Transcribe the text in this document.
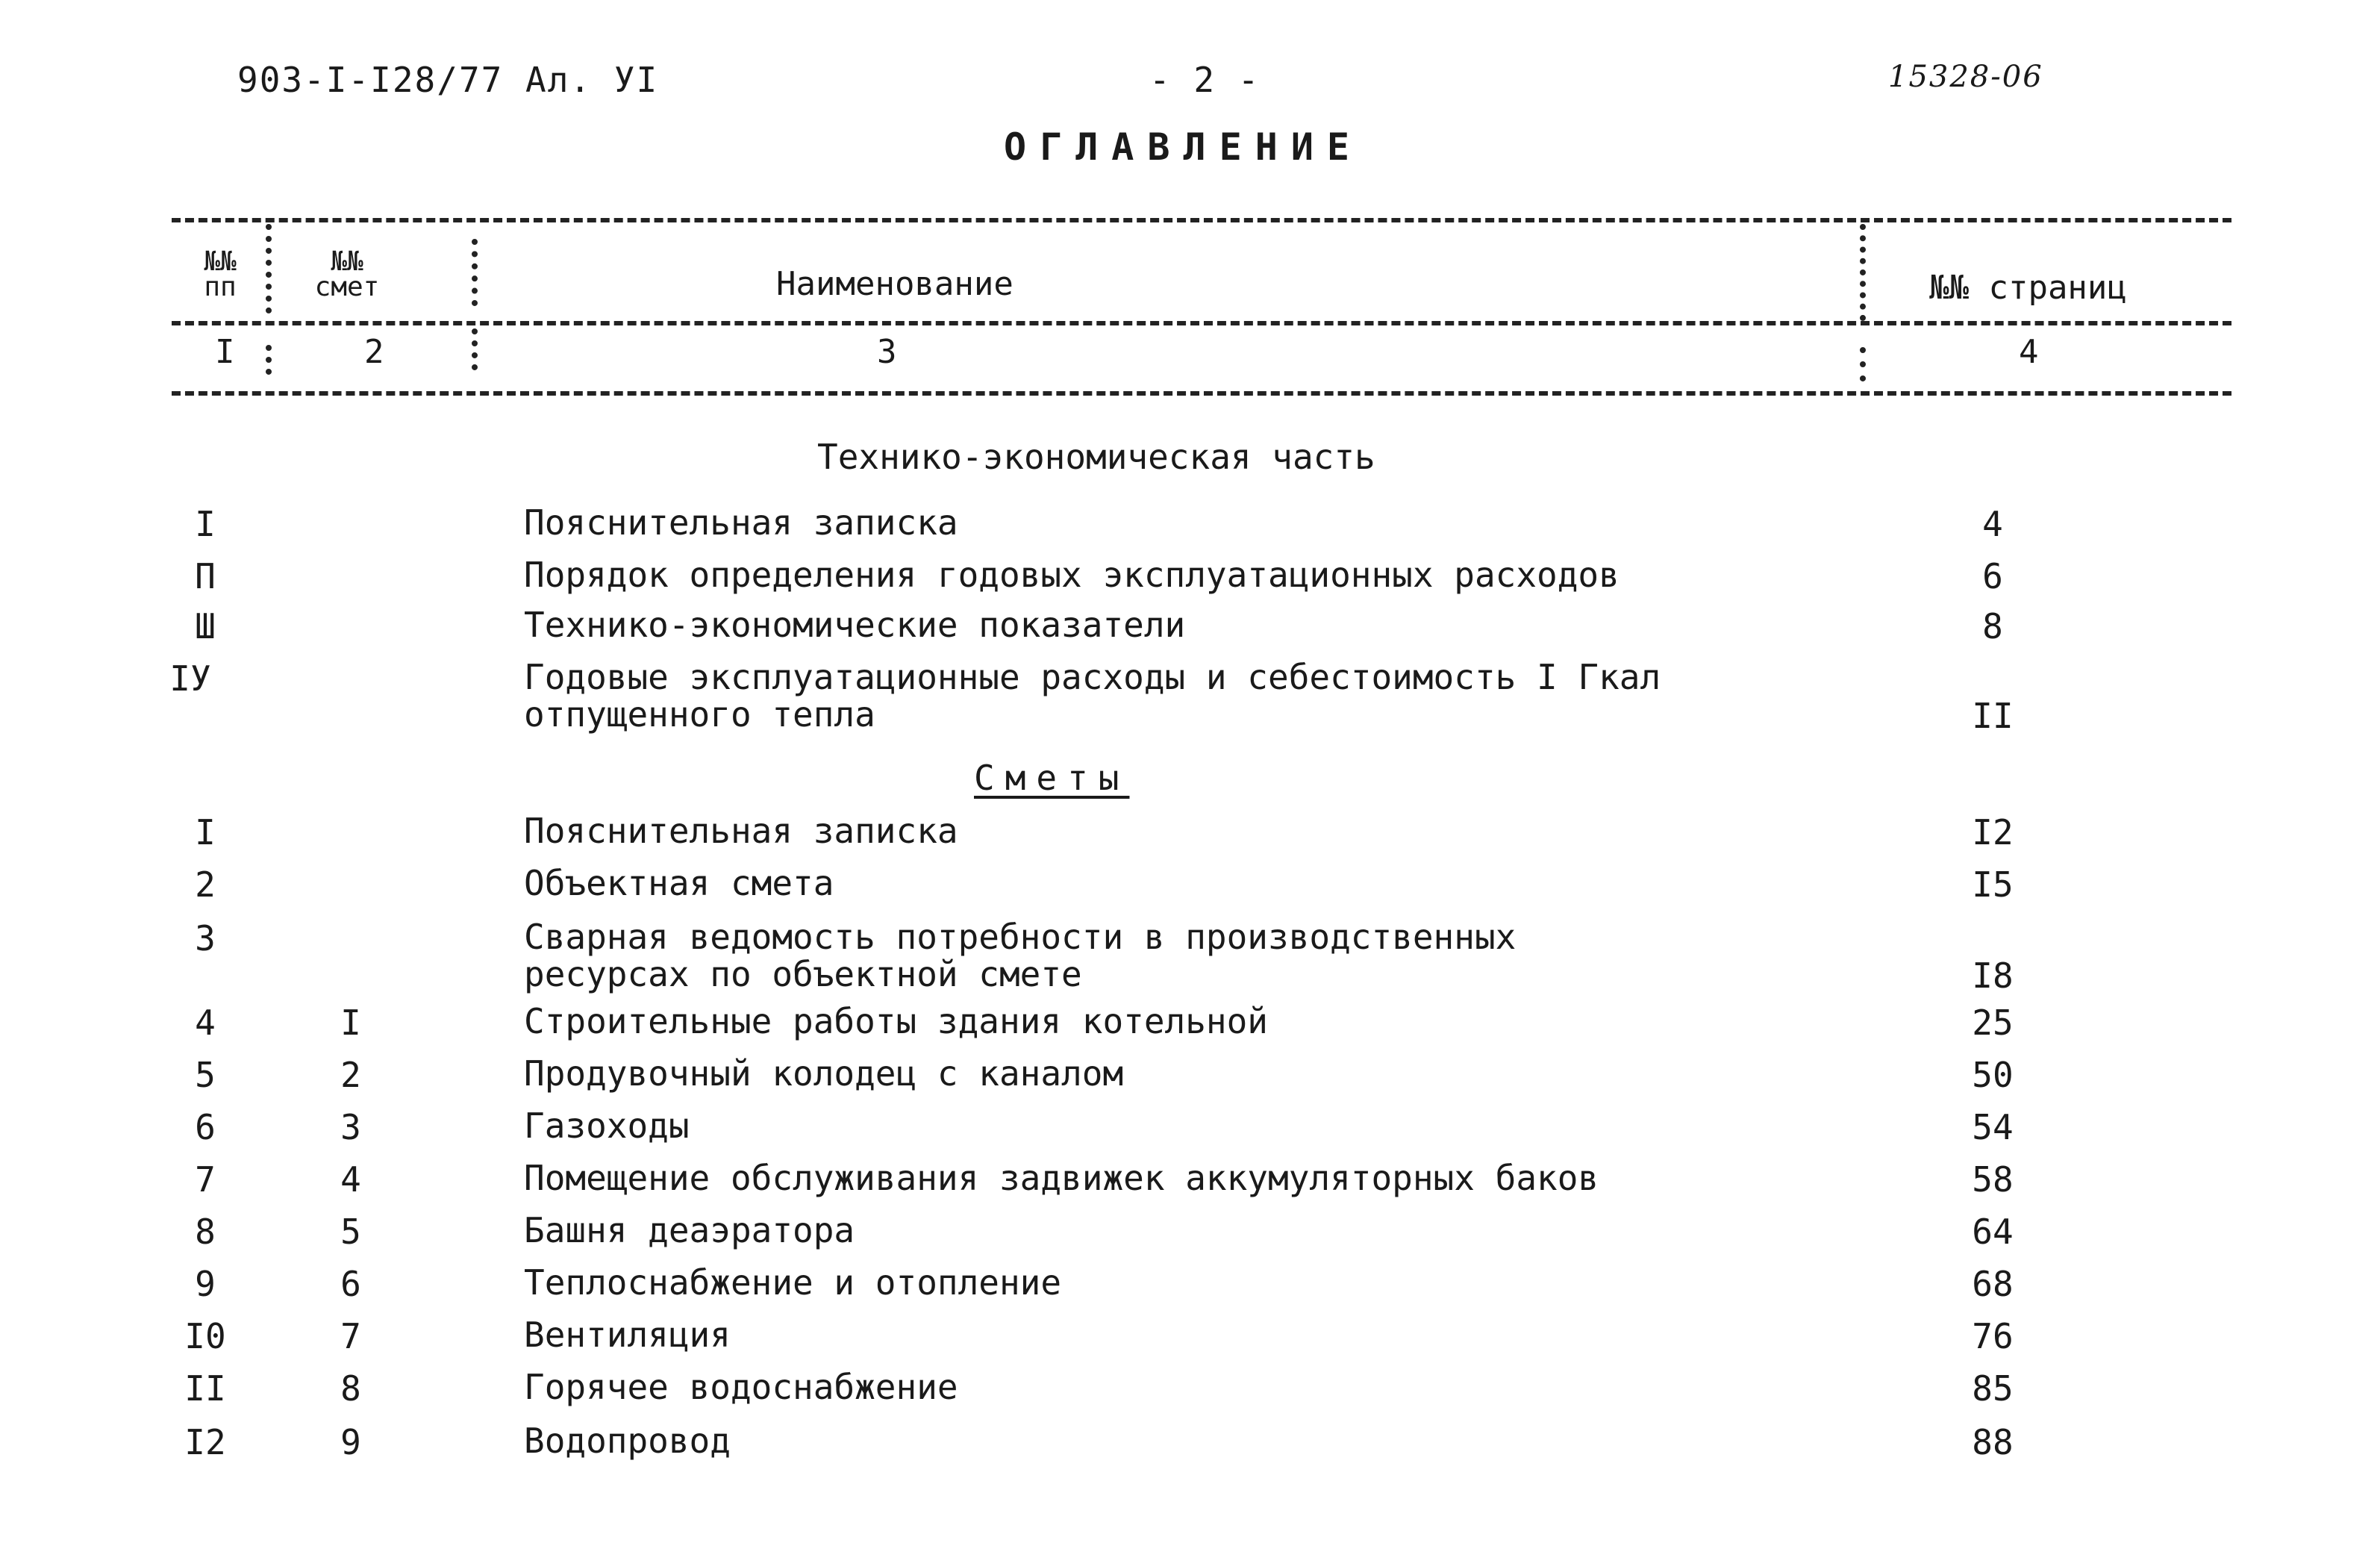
903-I-I28/77 Ал. УI	- 2 -	15328-06
ОГЛАВЛЕНИЕ
№№ пп
№№ смет	Наименование	№№ страниц
I	2	3	4
Технико-экономическая часть
I	Пояснительная записка	4
П	Порядок определения годовых эксплуатационных расходов	6
Ш	Технико-экономические показатели	8
IУ	Годовые эксплуатационные расходы и себестоимость I Гкал
отпущенного тепла	II
Сметы
I	Пояснительная записка	I2
2	Объектная смета	I5
3	Сварная ведомость потребности в производственных
ресурсах по объектной смете	I8
4	I	Строительные работы здания котельной	25
5	2	Продувочный колодец с каналом	50
6	3	Газоходы	54
7	4	Помещение обслуживания задвижек аккумуляторных баков	58
8	5	Башня деаэратора	64
9	6	Теплоснабжение и отопление	68
I0	7	Вентиляция	76
II	8	Горячее водоснабжение	85
I2	9	Водопровод	88
